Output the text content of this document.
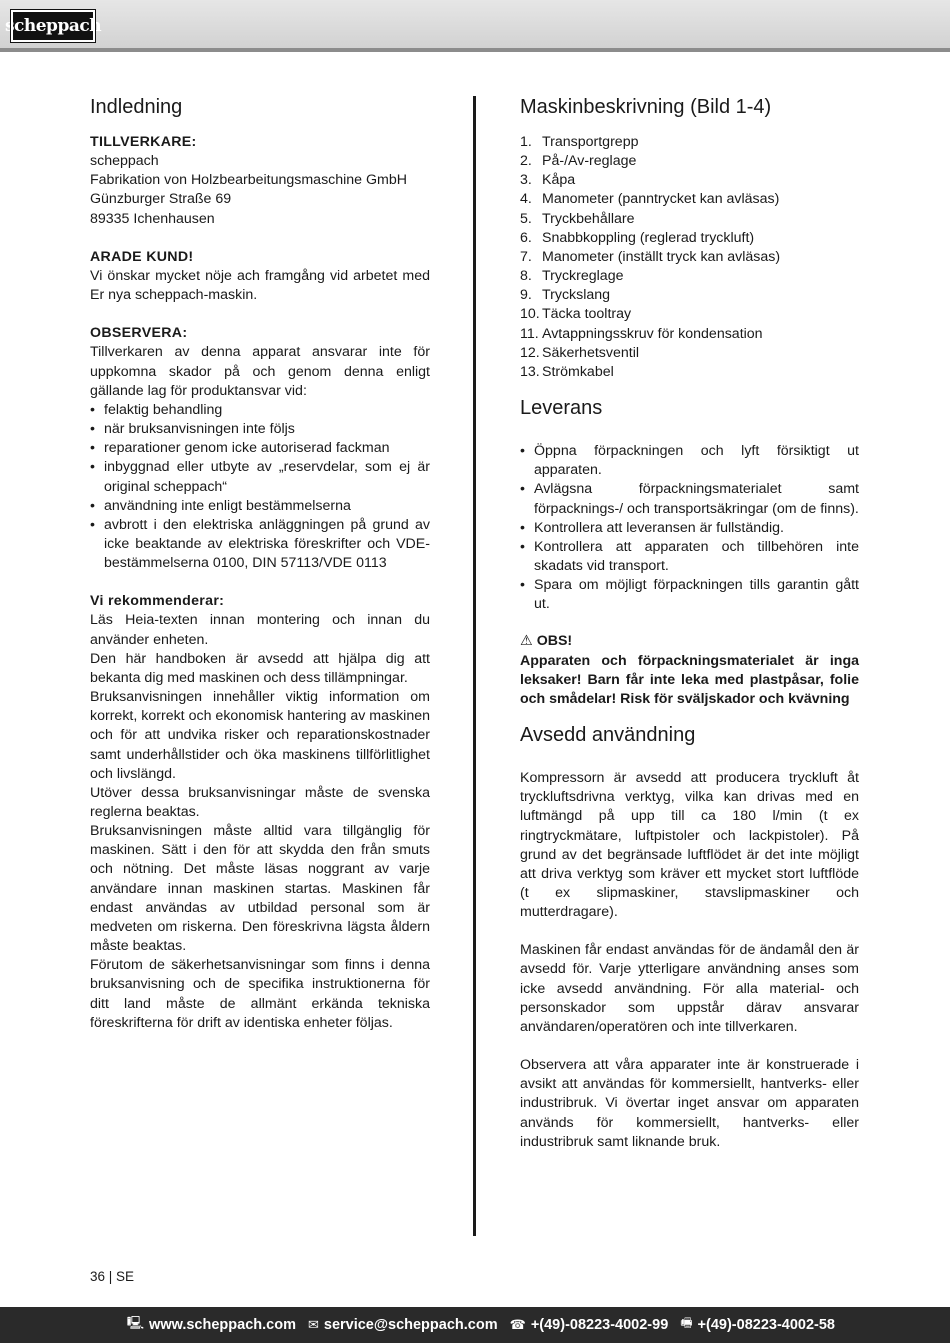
scheppach
Indledning

TILLVERKARE:

scheppach

Fabrikation von Holzbearbeitungsmaschine GmbH

Günzburger Straße 69

89335 Ichenhausen

ARADE KUND!

Vi önskar mycket nöje ach framgång vid arbetet med Er nya scheppach-maskin.

OBSERVERA:

Tillverkaren av denna apparat ansvarar inte för uppkomna skador på och genom denna enligt gällande lag för produktansvar vid:

• felaktig behandling
• när bruksanvisningen inte följs
• reparationer genom icke autoriserad fackman
• inbyggnad eller utbyte av „reservdelar, som ej är original scheppach“
• användning inte enligt bestämmelserna
• avbrott i den elektriska anläggningen på grund av icke beaktande av elektriska föreskrifter och VDE-bestämmelserna 0100, DIN 57113/VDE 0113

Vi rekommenderar:

Läs Heia-texten innan montering och innan du använder enheten.

Den här handboken är avsedd att hjälpa dig att bekanta dig med maskinen och dess tillämpningar.

Bruksanvisningen innehåller viktig information om korrekt, korrekt och ekonomisk hantering av maskinen och för att undvika risker och reparationskostnader samt underhållstider och öka maskinens tillförlitlighet och livslängd.

Utöver dessa bruksanvisningar måste de svenska reglerna beaktas.

Bruksanvisningen måste alltid vara tillgänglig för maskinen. Sätt i den för att skydda den från smuts och nötning. Det måste läsas noggrant av varje användare innan maskinen startas. Maskinen får endast användas av utbildad personal som är medveten om riskerna. Den föreskrivna lägsta åldern måste beaktas.

Förutom de säkerhetsanvisningar som finns i denna bruksanvisning och de specifika instruktionerna för ditt land måste de allmänt erkända tekniska föreskrifterna för drift av identiska enheter följas.

Maskinbeskrivning (Bild 1-4)
1. Transportgrepp
2. På-/Av-reglage
3. Kåpa
4. Manometer (panntrycket kan avläsas)
5. Tryckbehållare
6. Snabbkoppling (reglerad tryckluft)
7. Manometer (inställt tryck kan avläsas)
8. Tryckreglage
9. Tryckslang
10. Täcka tooltray
11. Avtappningsskruv för kondensation
12. Säkerhetsventil
13. Strömkabel
Leverans
• Öppna förpackningen och lyft försiktigt ut apparaten.
• Avlägsna förpackningsmaterialet samt förpacknings-/ och transportsäkringar (om de finns).
• Kontrollera att leveransen är fullständig.
• Kontrollera att apparaten och tillbehören inte skadats vid transport.
• Spara om möjligt förpackningen tills garantin gått ut.

⚠ OBS!

Apparaten och förpackningsmaterialet är inga leksaker! Barn får inte leka med plastpåsar, folie och smådelar! Risk för sväljskador och kvävning

Avsedd användning

Kompressorn är avsedd att producera tryckluft åt tryckluftsdrivna verktyg, vilka kan drivas med en luftmängd på upp till ca 180 l/min (t ex ringtryckmätare, luftpistoler och lackpistoler). På grund av det begränsade luftflödet är det inte möjligt att driva verktyg som kräver ett mycket stort luftflöde (t ex slipmaskiner, stavslipmaskiner och mutterdragare).

Maskinen får endast användas för de ändamål den är avsedd för. Varje ytterligare användning anses som icke avsedd användning. För alla material- och personskador som uppstår därav ansvarar användaren/operatören och inte tillverkaren.

Observera att våra apparater inte är konstruerade i avsikt att användas för kommersiellt, hantverks- eller industribruk. Vi övertar inget ansvar om apparaten används för kommersiellt, hantverks- eller industribruk samt liknande bruk.

36 | SE
🖳 www.scheppach.com ✉ service@scheppach.com ☎ +(49)-08223-4002-99 🖷 +(49)-08223-4002-58
